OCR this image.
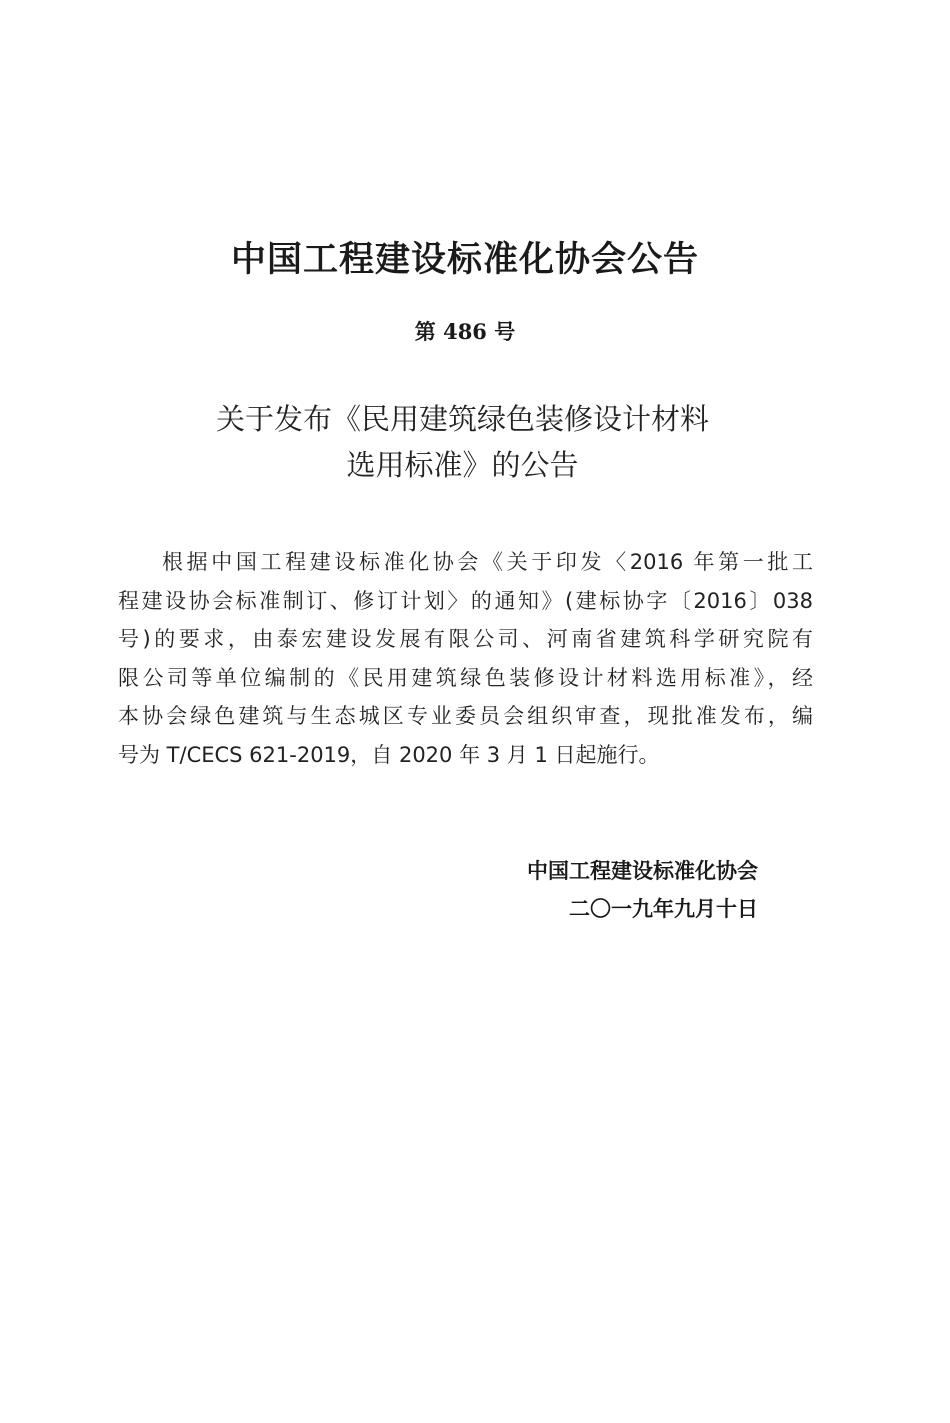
中国工程建设标准化协会公告
第 486 号
关于发布《民用建筑绿色装修设计材料
选用标准》的公告
根据中国工程建设标准化协会《关于印发〈2016 年第一批工
程建设协会标准制订、修订计划〉的通知》(建标协字〔2016〕038
号)的要求，由泰宏建设发展有限公司、河南省建筑科学研究院有
限公司等单位编制的《民用建筑绿色装修设计材料选用标准》，经
本协会绿色建筑与生态城区专业委员会组织审查，现批准发布，编
号为 T/CECS 621-2019，自 2020 年 3 月 1 日起施行。
中国工程建设标准化协会
二〇一九年九月十日
